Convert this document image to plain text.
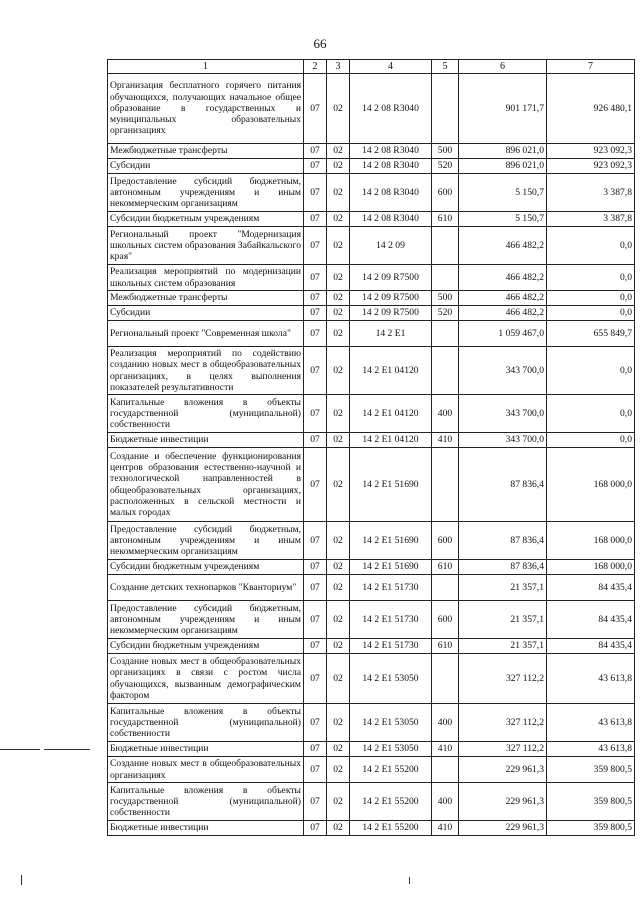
66
1	2	3	4	5	6	7
Организация бесплатного горячего питания обучающихся, получающих начальное общее образование в государственных и муниципальных образовательных организациях	07	02	14 2 08 R3040		901 171,7	926 480,1
Межбюджетные трансферты	07	02	14 2 08 R3040	500	896 021,0	923 092,3
Субсидии	07	02	14 2 08 R3040	520	896 021,0	923 092,3
Предоставление субсидий бюджетным, автономным учреждениям и иным некоммерческим организациям	07	02	14 2 08 R3040	600	5 150,7	3 387,8
Субсидии бюджетным учреждениям	07	02	14 2 08 R3040	610	5 150,7	3 387,8
Региональный проект "Модернизация школьных систем образования Забайкальского края"	07	02	14 2 09		466 482,2	0,0
Реализация мероприятий по модернизации школьных систем образования	07	02	14 2 09 R7500		466 482,2	0,0
Межбюджетные трансферты	07	02	14 2 09 R7500	500	466 482,2	0,0
Субсидии	07	02	14 2 09 R7500	520	466 482,2	0,0
Региональный проект "Современная школа"	07	02	14 2 E1		1 059 467,0	655 849,7
Реализация мероприятий по содействию созданию новых мест в общеобразовательных организациях, в целях выполнения показателей результативности	07	02	14 2 E1 04120		343 700,0	0,0
Капитальные вложения в объекты государственной (муниципальной) собственности	07	02	14 2 E1 04120	400	343 700,0	0,0
Бюджетные инвестиции	07	02	14 2 E1 04120	410	343 700,0	0,0
Создание и обеспечение функционирования центров образования естественно-научной и технологической направленностей в общеобразовательных организациях, расположенных в сельской местности и малых городах	07	02	14 2 E1 51690		87 836,4	168 000,0
Предоставление субсидий бюджетным, автономным учреждениям и иным некоммерческим организациям	07	02	14 2 E1 51690	600	87 836,4	168 000,0
Субсидии бюджетным учреждениям	07	02	14 2 E1 51690	610	87 836,4	168 000,0
Создание детских технопарков "Кванториум"	07	02	14 2 E1 51730		21 357,1	84 435,4
Предоставление субсидий бюджетным, автономным учреждениям и иным некоммерческим организациям	07	02	14 2 E1 51730	600	21 357,1	84 435,4
Субсидии бюджетным учреждениям	07	02	14 2 E1 51730	610	21 357,1	84 435,4
Создание новых мест в общеобразовательных организациях в связи с ростом числа обучающихся, вызванным демографическим фактором	07	02	14 2 E1 53050		327 112,2	43 613,8
Капитальные вложения в объекты государственной (муниципальной) собственности	07	02	14 2 E1 53050	400	327 112,2	43 613,8
Бюджетные инвестиции	07	02	14 2 E1 53050	410	327 112,2	43 613,8
Создание новых мест в общеобразовательных организациях	07	02	14 2 E1 55200		229 961,3	359 800,5
Капитальные вложения в объекты государственной (муниципальной) собственности	07	02	14 2 E1 55200	400	229 961,3	359 800,5
Бюджетные инвестиции	07	02	14 2 E1 55200	410	229 961,3	359 800,5
